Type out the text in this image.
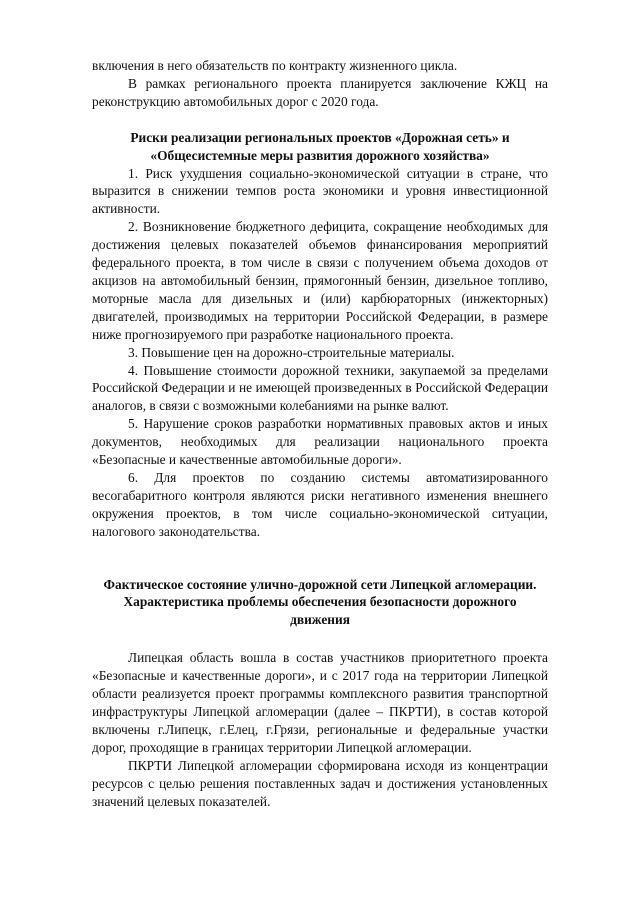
включения в него обязательств по контракту жизненного цикла.

В рамках регионального проекта планируется заключение КЖЦ на реконструкцию автомобильных дорог с 2020 года.

Риски реализации региональных проектов «Дорожная сеть» и

«Общесистемные меры развития дорожного хозяйства»

1. Риск ухудшения социально-экономической ситуации в стране, что выразится в снижении темпов роста экономики и уровня инвестиционной активности.

2. Возникновение бюджетного дефицита, сокращение необходимых для достижения целевых показателей объемов финансирования мероприятий федерального проекта, в том числе в связи с получением объема доходов от акцизов на автомобильный бензин, прямогонный бензин, дизельное топливо, моторные масла для дизельных и (или) карбюраторных (инжекторных) двигателей, производимых на территории Российской Федерации, в размере ниже прогнозируемого при разработке национального проекта.

3. Повышение цен на дорожно-строительные материалы.

4. Повышение стоимости дорожной техники, закупаемой за пределами Российской Федерации и не имеющей произведенных в Российской Федерации аналогов, в связи с возможными колебаниями на рынке валют.

5. Нарушение сроков разработки нормативных правовых актов и иных документов, необходимых для реализации национального проекта «Безопасные и качественные автомобильные дороги».

6. Для проектов по созданию системы автоматизированного весогабаритного контроля являются риски негативного изменения внешнего окружения проектов, в том числе социально-экономической ситуации, налогового законодательства.

Фактическое состояние улично-дорожной сети Липецкой агломерации.

Характеристика проблемы обеспечения безопасности дорожного

движения

Липецкая область вошла в состав участников приоритетного проекта «Безопасные и качественные дороги», и с 2017 года на территории Липецкой области реализуется проект программы комплексного развития транспортной инфраструктуры Липецкой агломерации (далее – ПКРТИ), в состав которой включены г.Липецк, г.Елец, г.Грязи, региональные и федеральные участки дорог, проходящие в границах территории Липецкой агломерации.

ПКРТИ Липецкой агломерации сформирована исходя из концентрации ресурсов с целью решения поставленных задач и достижения установленных значений целевых показателей.
